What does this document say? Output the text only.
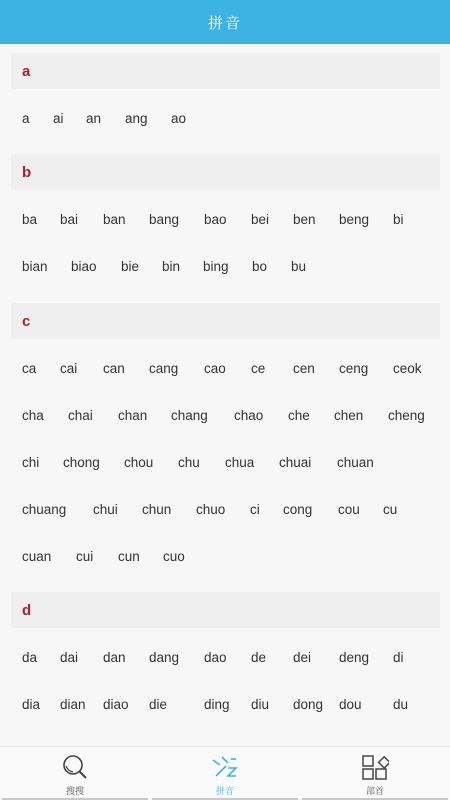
拼音
a
a ai an ang ao
b
ba bai ban bang bao bei ben beng bi
bian biao bie bin bing bo bu
c
ca cai can cang cao ce cen ceng ceok
cha chai chan chang chao che chen cheng
chi chong chou chu chua chuai chuan
chuang chui chun chuo ci cong cou cu
cuan cui cun cuo
d
da dai dan dang dao de dei deng di
dia dian diao die	ding diu dong dou du
搜搜	拼音	部首
